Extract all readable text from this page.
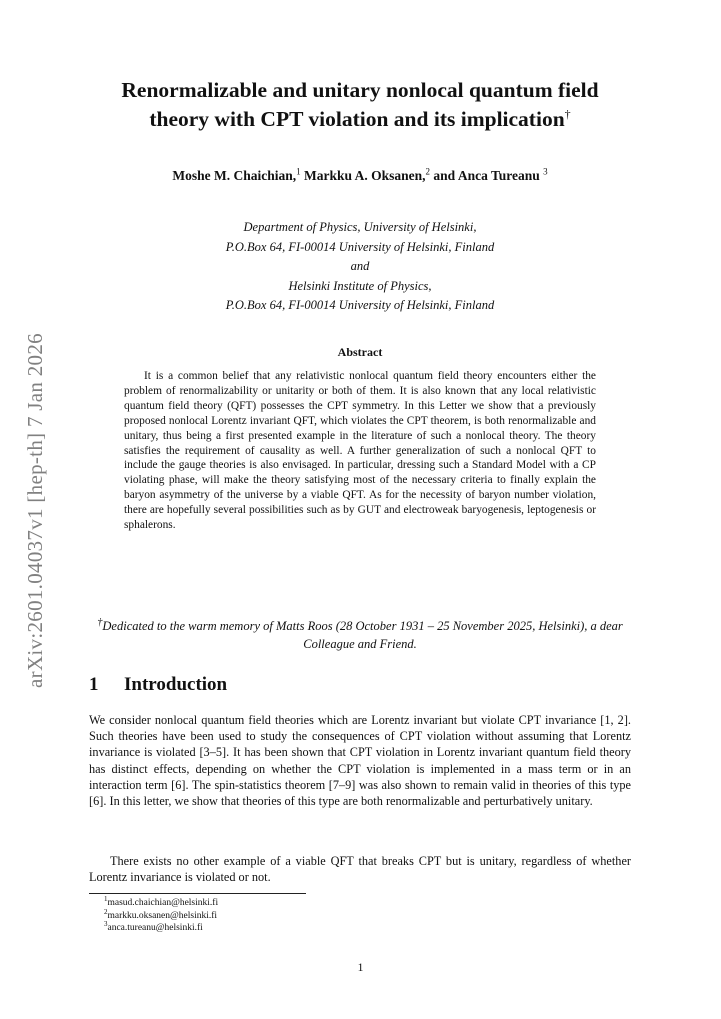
arXiv:2601.04037v1 [hep-th] 7 Jan 2026
Renormalizable and unitary nonlocal quantum field
theory with CPT violation and its implication†
Moshe M. Chaichian,$^1$ Markku A. Oksanen,$^2$ and Anca Tureanu $^3$
Department of Physics, University of Helsinki,
P.O.Box 64, FI-00014 University of Helsinki, Finland
and
Helsinki Institute of Physics,
P.O.Box 64, FI-00014 University of Helsinki, Finland
Abstract
It is a common belief that any relativistic nonlocal quantum field theory encounters either the problem of renormalizability or unitarity or both of them. It is also known that any local relativistic quantum field theory (QFT) possesses the CPT symmetry. In this Letter we show that a previously proposed nonlocal Lorentz invariant QFT, which violates the CPT theorem, is both renormalizable and unitary, thus being a first presented example in the literature of such a nonlocal theory. The theory satisfies the requirement of causality as well. A further generalization of such a nonlocal QFT to include the gauge theories is also envisaged. In particular, dressing such a Standard Model with a CP violating phase, will make the theory satisfying most of the necessary criteria to finally explain the baryon asymmetry of the universe by a viable QFT. As for the necessity of baryon number violation, there are hopefully several possibilities such as by GUT and electroweak baryogenesis, leptogenesis or sphalerons.
†Dedicated to the warm memory of Matts Roos (28 October 1931 – 25 November 2025, Helsinki), a dear Colleague and Friend.
1 Introduction
We consider nonlocal quantum field theories which are Lorentz invariant but violate CPT invariance [1, 2]. Such theories have been used to study the consequences of CPT violation without assuming that Lorentz invariance is violated [3–5]. It has been shown that CPT violation in Lorentz invariant quantum field theory has distinct effects, depending on whether the CPT violation is implemented in a mass term or in an interaction term [6]. The spin-statistics theorem [7–9] was also shown to remain valid in theories of this type [6]. In this letter, we show that theories of this type are both renormalizable and perturbatively unitary.
There exists no other example of a viable QFT that breaks CPT but is unitary, regardless of whether Lorentz invariance is violated or not.
$^1$masud.chaichian@helsinki.fi
$^2$markku.oksanen@helsinki.fi
$^3$anca.tureanu@helsinki.fi
1
